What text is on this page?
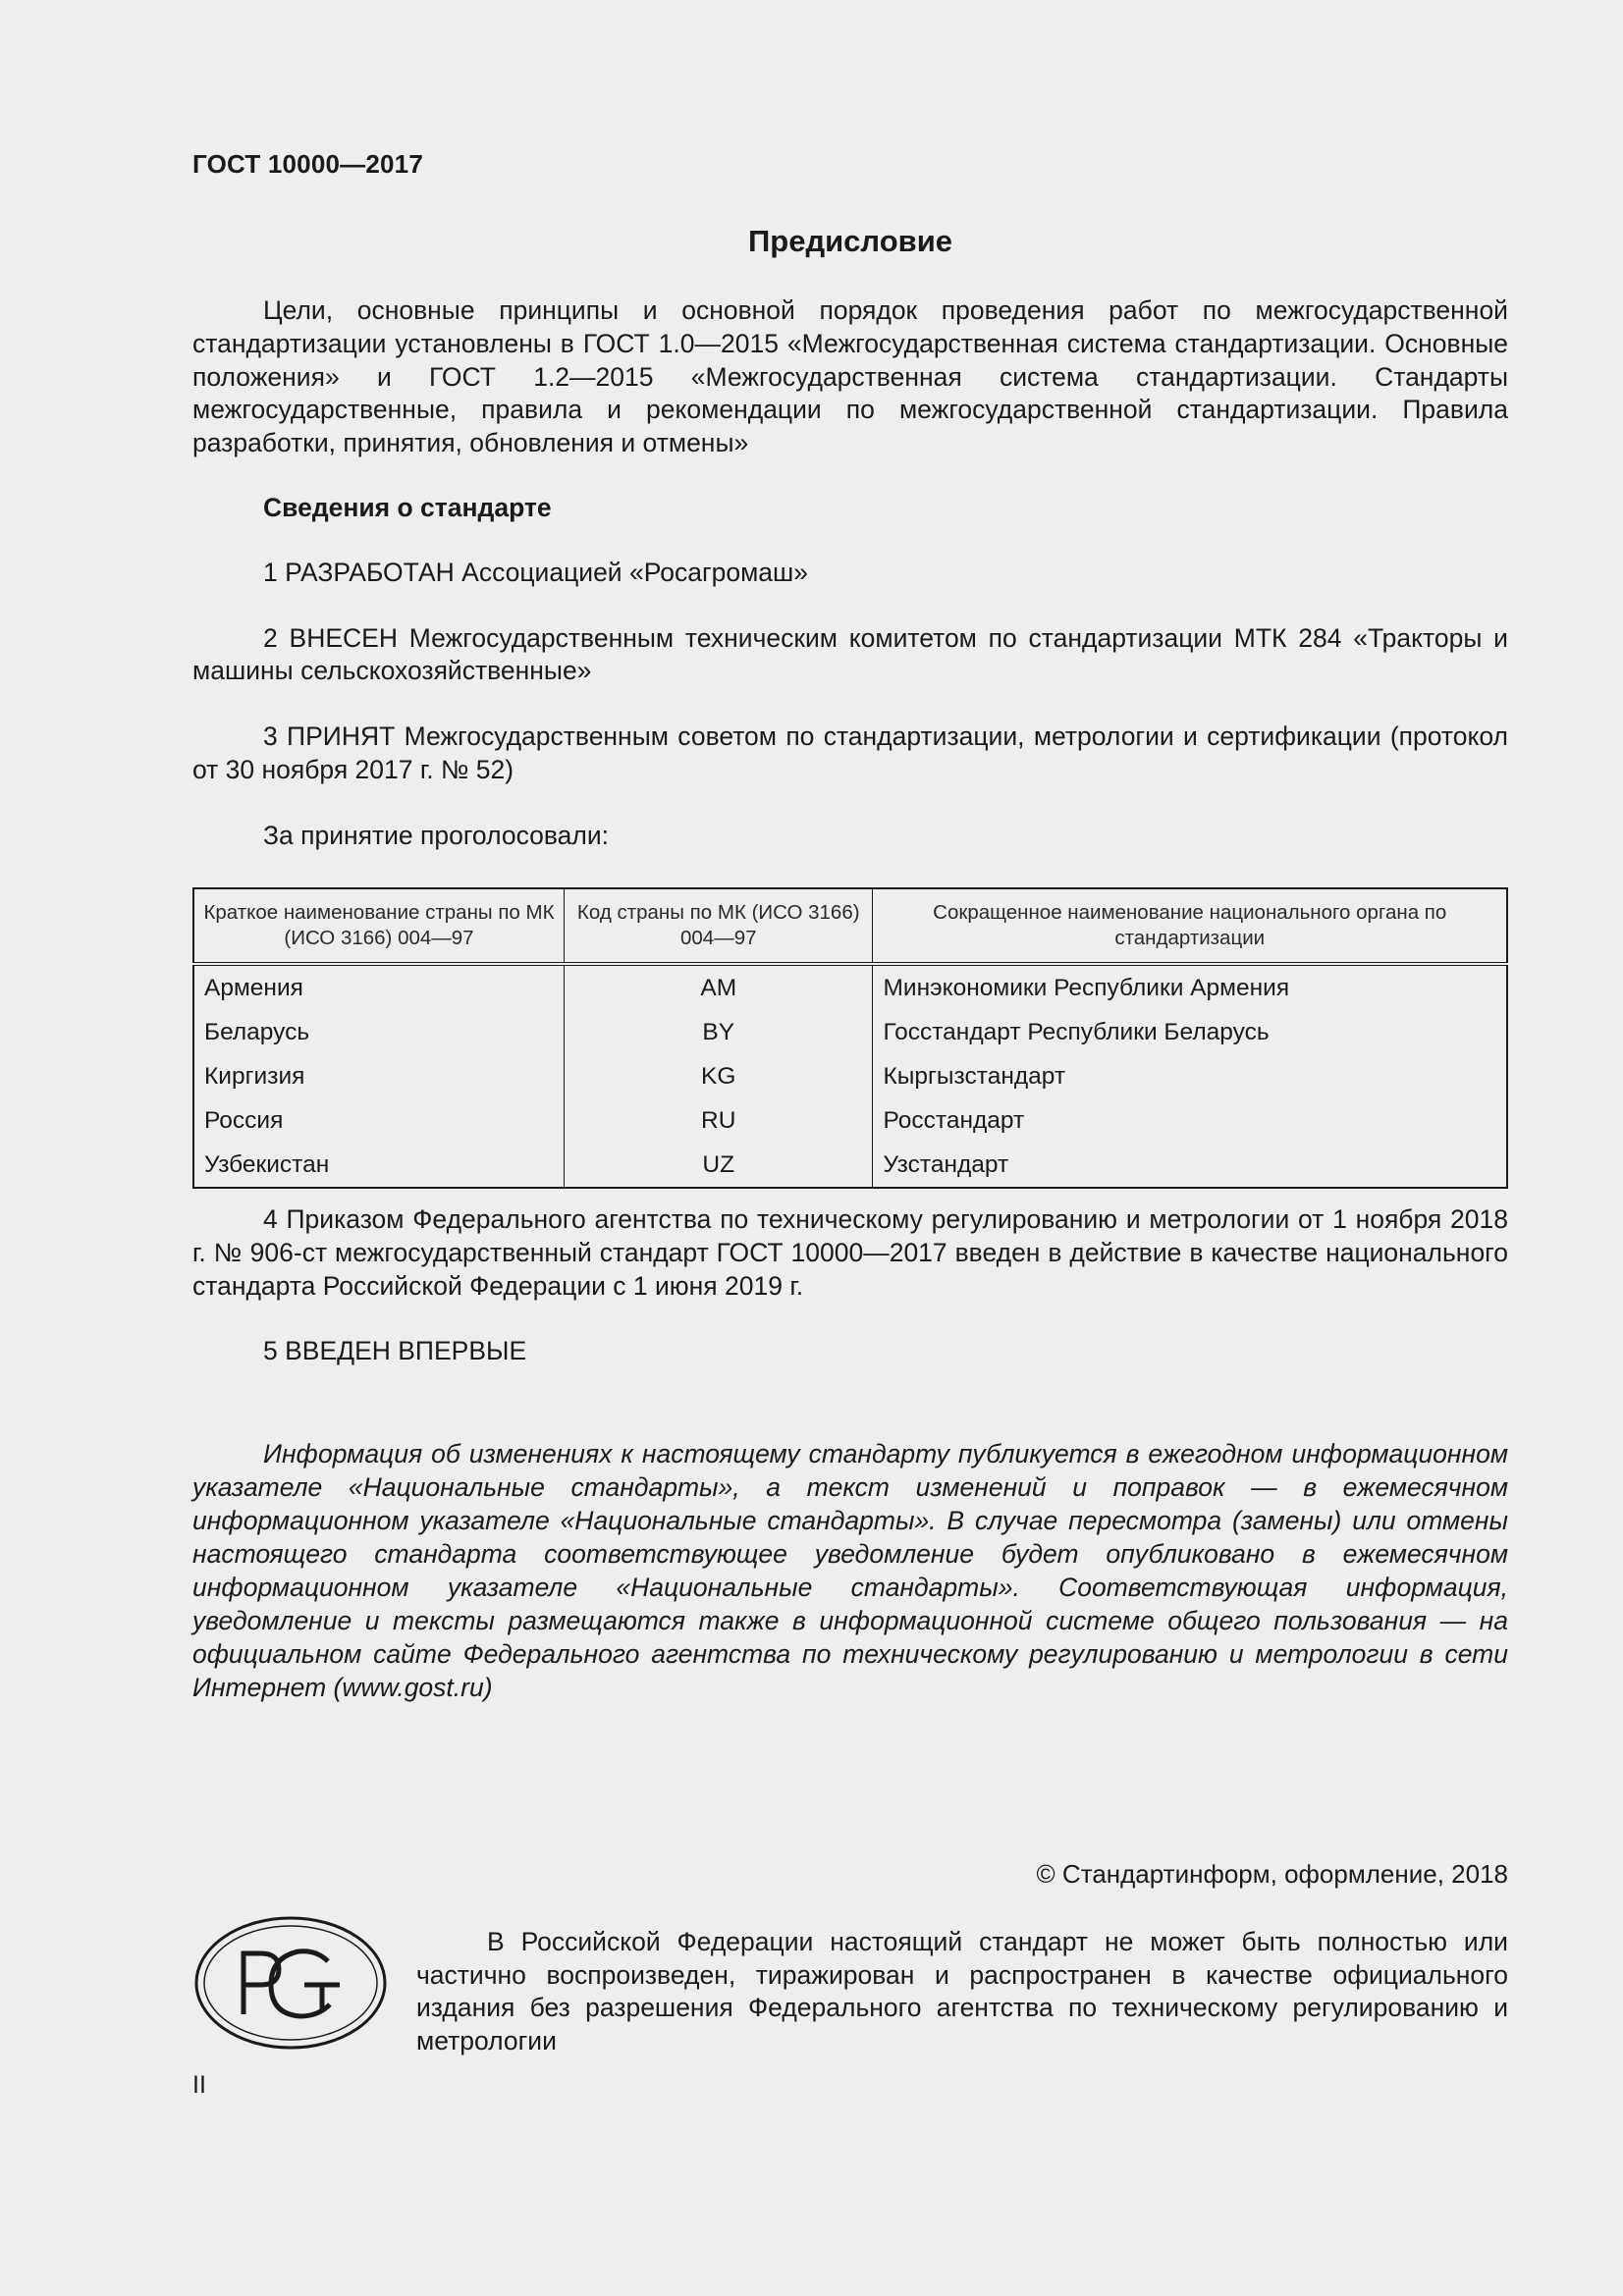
ГОСТ 10000—2017
Предисловие

Цели, основные принципы и основной порядок проведения работ по межгосударственной стандартизации установлены в ГОСТ 1.0—2015 «Межгосударственная система стандартизации. Основные положения» и ГОСТ 1.2—2015 «Межгосударственная система стандартизации. Стандарты межгосударственные, правила и рекомендации по межгосударственной стандартизации. Правила разработки, принятия, обновления и отмены»

Сведения о стандарте

1 РАЗРАБОТАН Ассоциацией «Росагромаш»

2 ВНЕСЕН Межгосударственным техническим комитетом по стандартизации МТК 284 «Тракторы и машины сельскохозяйственные»

3 ПРИНЯТ Межгосударственным советом по стандартизации, метрологии и сертификации (протокол от 30 ноября 2017 г. № 52)

За принятие проголосовали:

Краткое наименование страны по МК (ИСО 3166) 004—97	Код страны по МК (ИСО 3166) 004—97	Сокращенное наименование национального органа по стандартизации
Армения	AM	Минэкономики Республики Армения
Беларусь	BY	Госстандарт Республики Беларусь
Киргизия	KG	Кыргызстандарт
Россия	RU	Росстандарт
Узбекистан	UZ	Узстандарт

4 Приказом Федерального агентства по техническому регулированию и метрологии от 1 ноября 2018 г. № 906-ст межгосударственный стандарт ГОСТ 10000—2017 введен в действие в качестве национального стандарта Российской Федерации с 1 июня 2019 г.

5 ВВЕДЕН ВПЕРВЫЕ

Информация об изменениях к настоящему стандарту публикуется в ежегодном информационном указателе «Национальные стандарты», а текст изменений и поправок — в ежемесячном информационном указателе «Национальные стандарты». В случае пересмотра (замены) или отмены настоящего стандарта соответствующее уведомление будет опубликовано в ежемесячном информационном указателе «Национальные стандарты». Соответствующая информация, уведомление и тексты размещаются также в информационной системе общего пользования — на официальном сайте Федерального агентства по техническому регулированию и метрологии в сети Интернет (www.gost.ru)

© Стандартинформ, оформление, 2018

В Российской Федерации настоящий стандарт не может быть полностью или частично воспроизведен, тиражирован и распространен в качестве официального издания без разрешения Федерального агентства по техническому регулированию и метрологии

II
